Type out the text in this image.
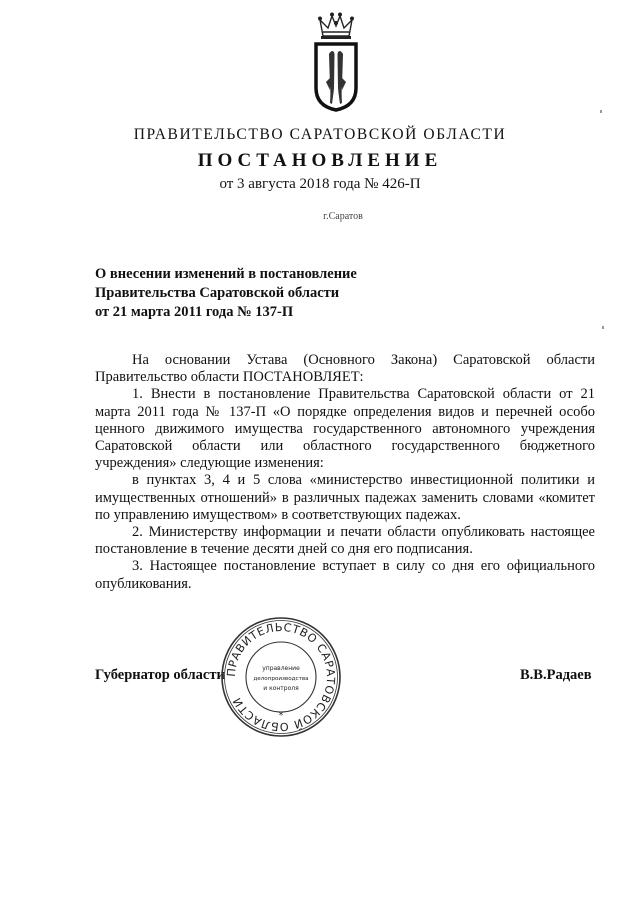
ПРАВИТЕЛЬСТВО САРАТОВСКОЙ ОБЛАСТИ
ПОСТАНОВЛЕНИЕ
от 3 августа 2018 года № 426-П
г.Саратов
О внесении изменений в постановление
Правительства Саратовской области
от 21 марта 2011 года № 137-П

На основании Устава (Основного Закона) Саратовской области Правительство области ПОСТАНОВЛЯЕТ:

1. Внести в постановление Правительства Саратовской области от 21 марта 2011 года № 137-П «О порядке определения видов и перечней особо ценного движимого имущества государственного автономного учреждения Саратовской области или областного государственного бюджетного учреждения» следующие изменения:

в пунктах 3, 4 и 5 слова «министерство инвестиционной политики и имущественных отношений» в различных падежах заменить словами «комитет по управлению имуществом» в соответствующих падежах.

2. Министерству информации и печати области опубликовать настоящее постановление в течение десяти дней со дня его подписания.

3. Настоящее постановление вступает в силу со дня его официального опубликования.

Губернатор области	В.В.Радаев
ПРАВИТЕЛЬСТВО САРАТОВСКОЙ ОБЛАСТИ
управление
делопроизводства
и контроля
*
